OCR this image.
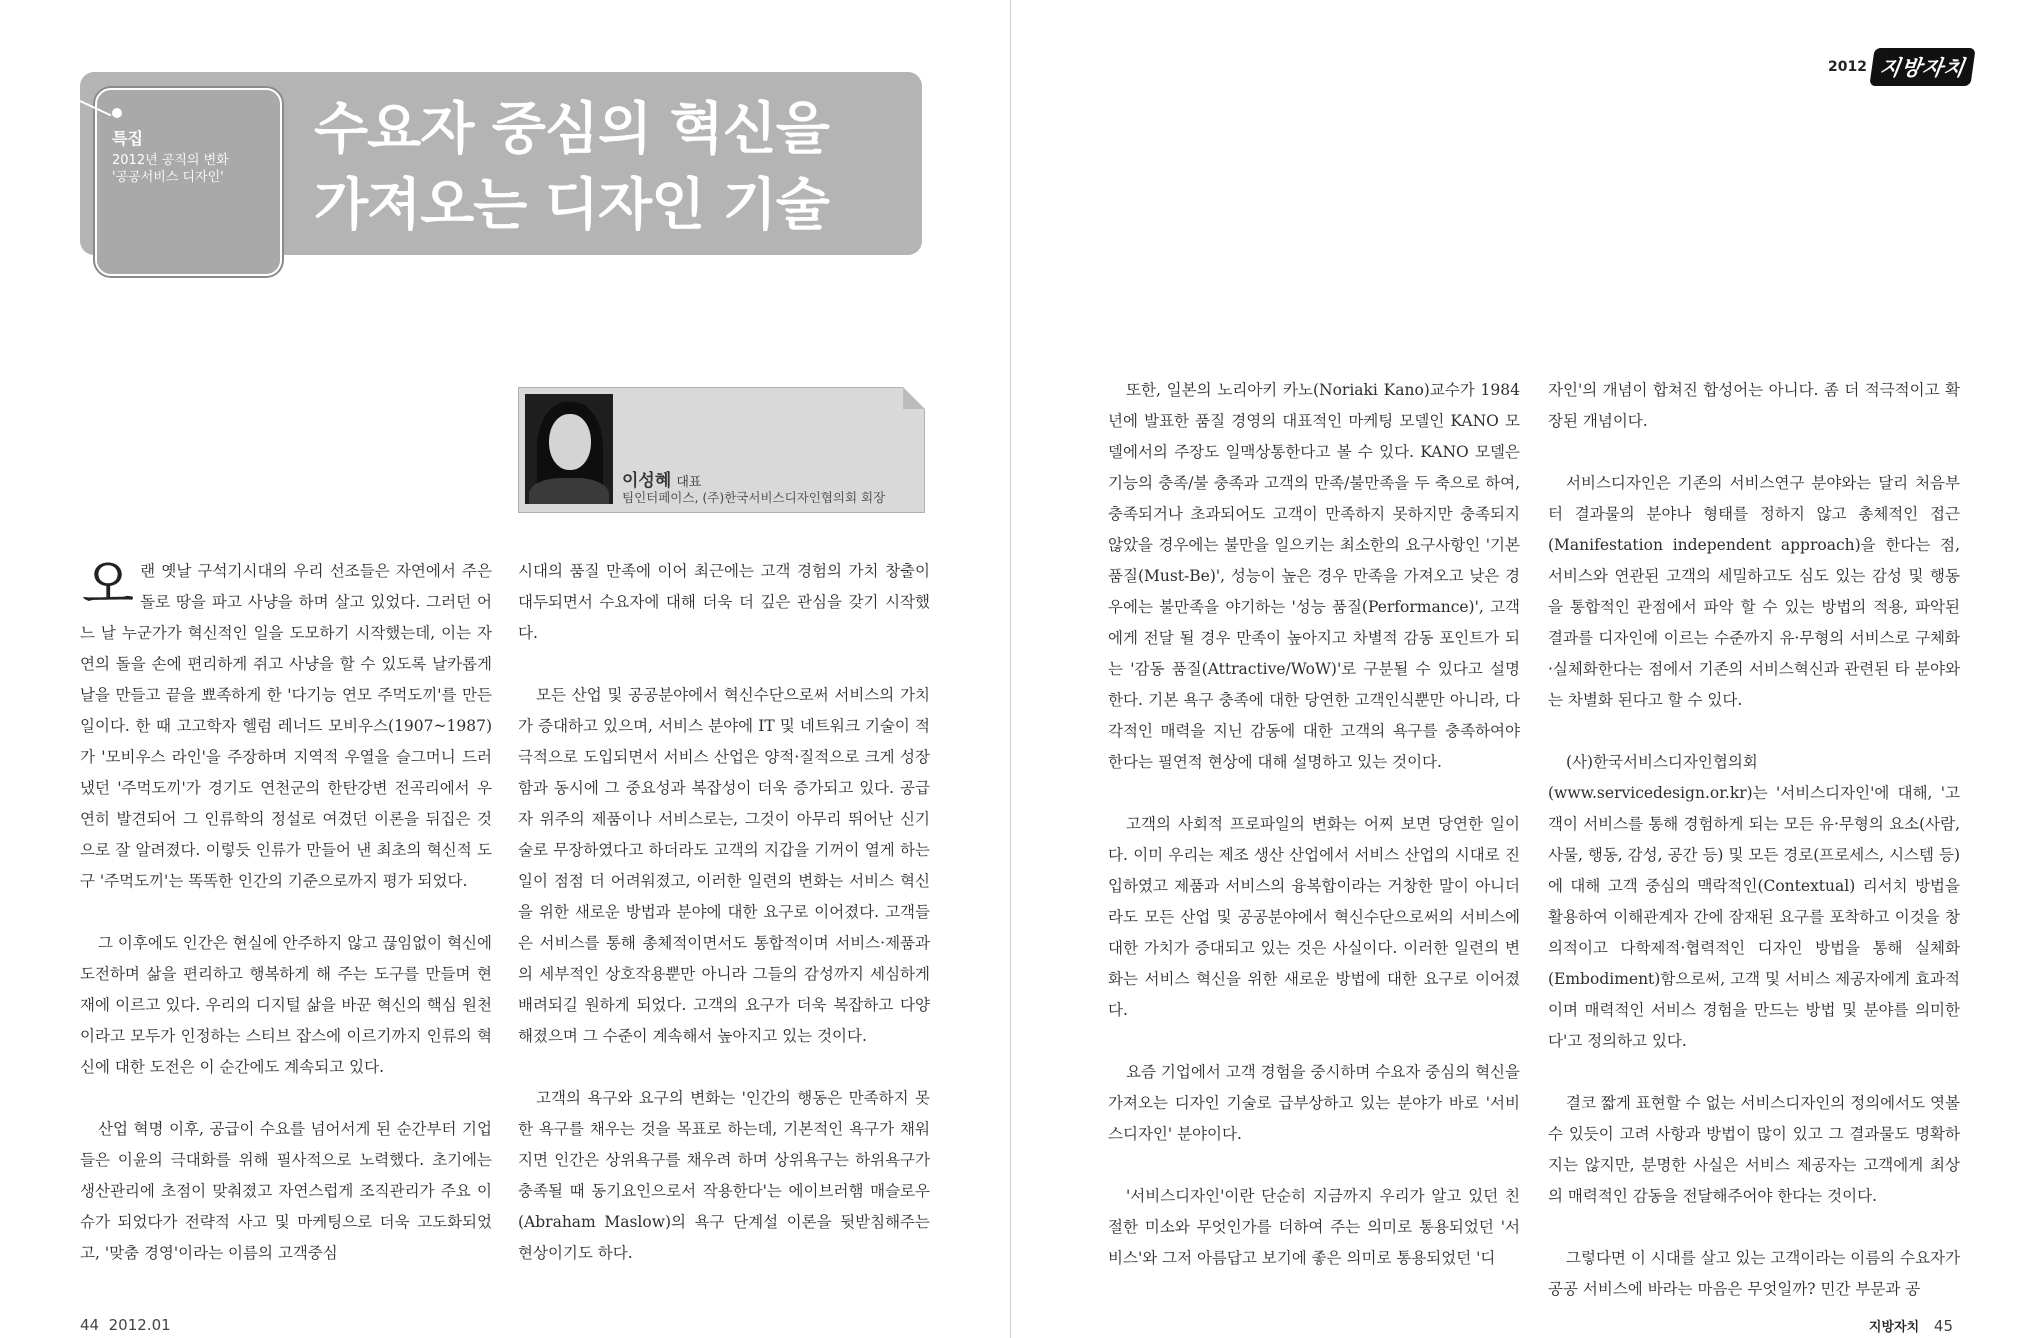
특집
2012년 공직의 변화
'공공서비스 디자인'
수요자 중심의 혁신을
가져오는 디자인 기술
2012 지방자치
이성혜 대표
팀인터페이스, (주)한국서비스디자인협의회 회장

오랜 옛날 구석기시대의 우리 선조들은 자연에서 주은 돌로 땅을 파고 사냥을 하며 살고 있었다. 그러던 어느 날 누군가가 혁신적인 일을 도모하기 시작했는데, 이는 자연의 돌을 손에 편리하게 쥐고 사냥을 할 수 있도록 날카롭게 날을 만들고 끝을 뾰족하게 한 '다기능 연모 주먹도끼'를 만든 일이다. 한 때 고고학자 헬럼 레너드 모비우스(1907~1987)가 '모비우스 라인'을 주장하며 지역적 우열을 슬그머니 드러냈던 '주먹도끼'가 경기도 연천군의 한탄강변 전곡리에서 우연히 발견되어 그 인류학의 정설로 여겼던 이론을 뒤집은 것으로 잘 알려졌다. 이렇듯 인류가 만들어 낸 최초의 혁신적 도구 '주먹도끼'는 똑똑한 인간의 기준으로까지 평가 되었다.

그 이후에도 인간은 현실에 안주하지 않고 끊임없이 혁신에 도전하며 삶을 편리하고 행복하게 해 주는 도구를 만들며 현재에 이르고 있다. 우리의 디지털 삶을 바꾼 혁신의 핵심 원천이라고 모두가 인정하는 스티브 잡스에 이르기까지 인류의 혁신에 대한 도전은 이 순간에도 계속되고 있다.

산업 혁명 이후, 공급이 수요를 넘어서게 된 순간부터 기업들은 이윤의 극대화를 위해 필사적으로 노력했다. 초기에는 생산관리에 초점이 맞춰졌고 자연스럽게 조직관리가 주요 이슈가 되었다가 전략적 사고 및 마케팅으로 더욱 고도화되었고, '맞춤 경영'이라는 이름의 고객중심

시대의 품질 만족에 이어 최근에는 고객 경험의 가치 창출이 대두되면서 수요자에 대해 더욱 더 깊은 관심을 갖기 시작했다.

모든 산업 및 공공분야에서 혁신수단으로써 서비스의 가치가 증대하고 있으며, 서비스 분야에 IT 및 네트워크 기술이 적극적으로 도입되면서 서비스 산업은 양적·질적으로 크게 성장함과 동시에 그 중요성과 복잡성이 더욱 증가되고 있다. 공급자 위주의 제품이나 서비스로는, 그것이 아무리 뛰어난 신기술로 무장하였다고 하더라도 고객의 지갑을 기꺼이 열게 하는 일이 점점 더 어려워졌고, 이러한 일련의 변화는 서비스 혁신을 위한 새로운 방법과 분야에 대한 요구로 이어졌다. 고객들은 서비스를 통해 총체적이면서도 통합적이며 서비스·제품과의 세부적인 상호작용뿐만 아니라 그들의 감성까지 세심하게 배려되길 원하게 되었다. 고객의 요구가 더욱 복잡하고 다양해졌으며 그 수준이 계속해서 높아지고 있는 것이다.

고객의 욕구와 요구의 변화는 '인간의 행동은 만족하지 못한 욕구를 채우는 것을 목표로 하는데, 기본적인 욕구가 채워지면 인간은 상위욕구를 채우려 하며 상위욕구는 하위욕구가 충족될 때 동기요인으로서 작용한다'는 에이브러햄 매슬로우(Abraham Maslow)의 욕구 단계설 이론을 뒷받침해주는 현상이기도 하다.

또한, 일본의 노리아키 카노(Noriaki Kano)교수가 1984년에 발표한 품질 경영의 대표적인 마케팅 모델인 KANO 모델에서의 주장도 일맥상통한다고 볼 수 있다. KANO 모델은 기능의 충족/불 충족과 고객의 만족/불만족을 두 축으로 하여, 충족되거나 초과되어도 고객이 만족하지 못하지만 충족되지 않았을 경우에는 불만을 일으키는 최소한의 요구사항인 '기본 품질(Must-Be)', 성능이 높은 경우 만족을 가져오고 낮은 경우에는 불만족을 야기하는 '성능 품질(Performance)', 고객에게 전달 될 경우 만족이 높아지고 차별적 감동 포인트가 되는 '감동 품질(Attractive/WoW)'로 구분될 수 있다고 설명한다. 기본 욕구 충족에 대한 당연한 고객인식뿐만 아니라, 다각적인 매력을 지닌 감동에 대한 고객의 욕구를 충족하여야 한다는 필연적 현상에 대해 설명하고 있는 것이다.

고객의 사회적 프로파일의 변화는 어찌 보면 당연한 일이다. 이미 우리는 제조 생산 산업에서 서비스 산업의 시대로 진입하였고 제품과 서비스의 융복합이라는 거창한 말이 아니더라도 모든 산업 및 공공분야에서 혁신수단으로써의 서비스에 대한 가치가 증대되고 있는 것은 사실이다. 이러한 일련의 변화는 서비스 혁신을 위한 새로운 방법에 대한 요구로 이어졌다.

요즘 기업에서 고객 경험을 중시하며 수요자 중심의 혁신을 가져오는 디자인 기술로 급부상하고 있는 분야가 바로 '서비스디자인' 분야이다.

'서비스디자인'이란 단순히 지금까지 우리가 알고 있던 친절한 미소와 무엇인가를 더하여 주는 의미로 통용되었던 '서비스'와 그저 아름답고 보기에 좋은 의미로 통용되었던 '디

자인'의 개념이 합쳐진 합성어는 아니다. 좀 더 적극적이고 확장된 개념이다.

서비스디자인은 기존의 서비스연구 분야와는 달리 처음부터 결과물의 분야나 형태를 정하지 않고 총체적인 접근(Manifestation independent approach)을 한다는 점, 서비스와 연관된 고객의 세밀하고도 심도 있는 감성 및 행동을 통합적인 관점에서 파악 할 수 있는 방법의 적용, 파악된 결과를 디자인에 이르는 수준까지 유·무형의 서비스로 구체화·실체화한다는 점에서 기존의 서비스혁신과 관련된 타 분야와는 차별화 된다고 할 수 있다.

(사)한국서비스디자인협의회(www.servicedesign.or.kr)는 '서비스디자인'에 대해, '고객이 서비스를 통해 경험하게 되는 모든 유·무형의 요소(사람, 사물, 행동, 감성, 공간 등) 및 모든 경로(프로세스, 시스템 등)에 대해 고객 중심의 맥락적인(Contextual) 리서치 방법을 활용하여 이해관계자 간에 잠재된 요구를 포착하고 이것을 창의적이고 다학제적·협력적인 디자인 방법을 통해 실체화(Embodiment)함으로써, 고객 및 서비스 제공자에게 효과적이며 매력적인 서비스 경험을 만드는 방법 및 분야를 의미한다'고 정의하고 있다.

결코 짧게 표현할 수 없는 서비스디자인의 정의에서도 엿볼 수 있듯이 고려 사항과 방법이 많이 있고 그 결과물도 명확하지는 않지만, 분명한 사실은 서비스 제공자는 고객에게 최상의 매력적인 감동을 전달해주어야 한다는 것이다.

그렇다면 이 시대를 살고 있는 고객이라는 이름의 수요자가 공공 서비스에 바라는 마음은 무엇일까? 민간 부문과 공

44 2012.01	지방자치 45
